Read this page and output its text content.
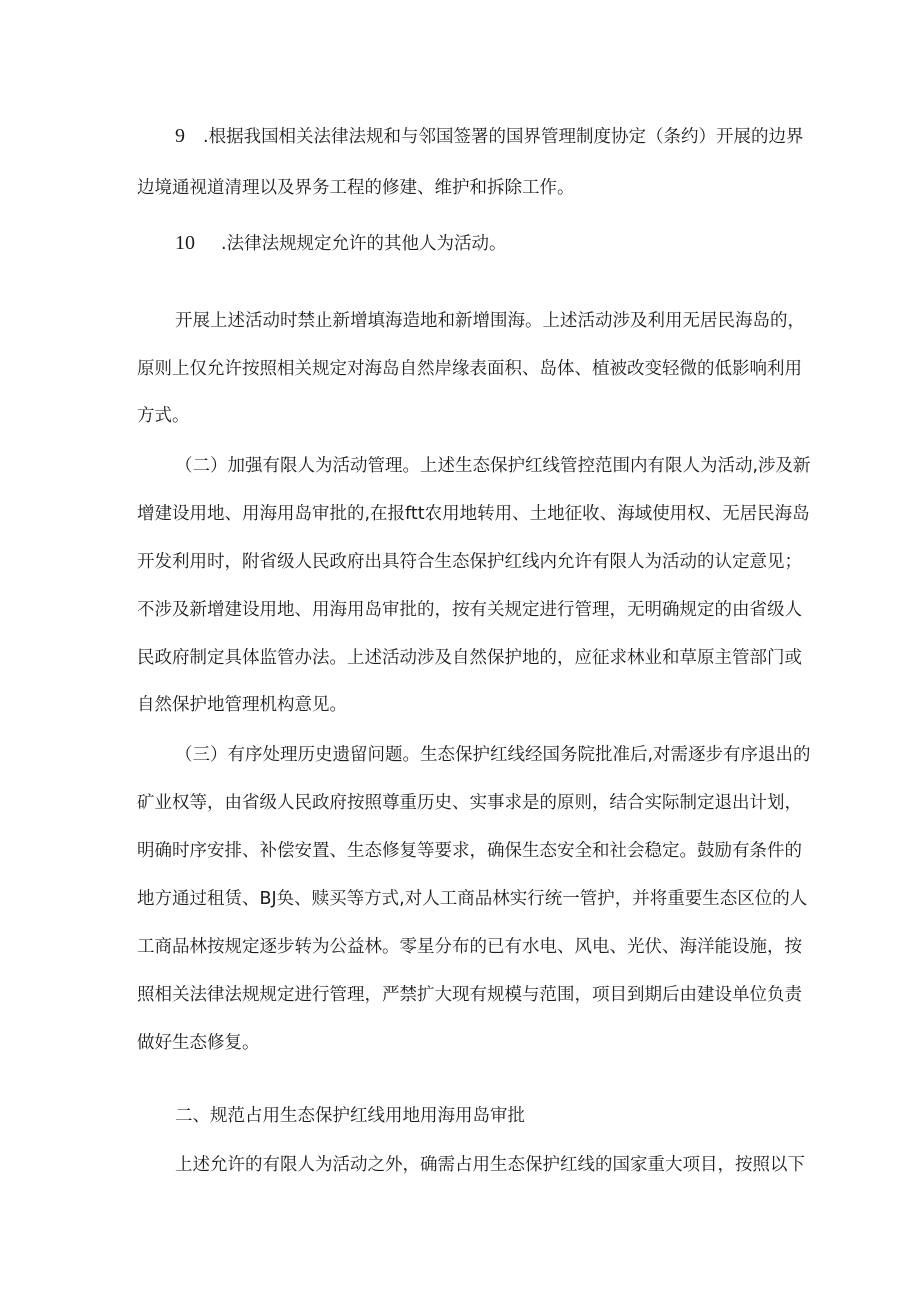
9 .根据我国相关法律法规和与邻国签署的国界管理制度协定（条约）开展的边界
边境通视道清理以及界务工程的修建、维护和拆除工作。
10 .法律法规规定允许的其他人为活动。
开展上述活动时禁止新增填海造地和新增围海。上述活动涉及利用无居民海岛的，
原则上仅允许按照相关规定对海岛自然岸缘表面积、岛体、植被改变轻微的低影响利用
方式。
（二）加强有限人为活动管理。上述生态保护红线管控范围内有限人为活动,涉及新
增建设用地、用海用岛审批的,在报ftt农用地转用、土地征收、海域使用权、无居民海岛
开发利用时，附省级人民政府出具符合生态保护红线内允许有限人为活动的认定意见；
不涉及新增建设用地、用海用岛审批的，按有关规定进行管理，无明确规定的由省级人
民政府制定具体监管办法。上述活动涉及自然保护地的，应征求林业和草原主管部门或
自然保护地管理机构意见。
（三）有序处理历史遗留问题。生态保护红线经国务院批准后,对需逐步有序退出的
矿业权等，由省级人民政府按照尊重历史、实事求是的原则，结合实际制定退出计划，
明确时序安排、补偿安置、生态修复等要求，确保生态安全和社会稳定。鼓励有条件的
地方通过租赁、BJ奂、赎买等方式,对人工商品林实行统一管护，并将重要生态区位的人
工商品林按规定逐步转为公益林。零星分布的已有水电、风电、光伏、海洋能设施，按
照相关法律法规规定进行管理，严禁扩大现有规模与范围，项目到期后由建设单位负责
做好生态修复。
二、规范占用生态保护红线用地用海用岛审批
上述允许的有限人为活动之外，确需占用生态保护红线的国家重大项目，按照以下
